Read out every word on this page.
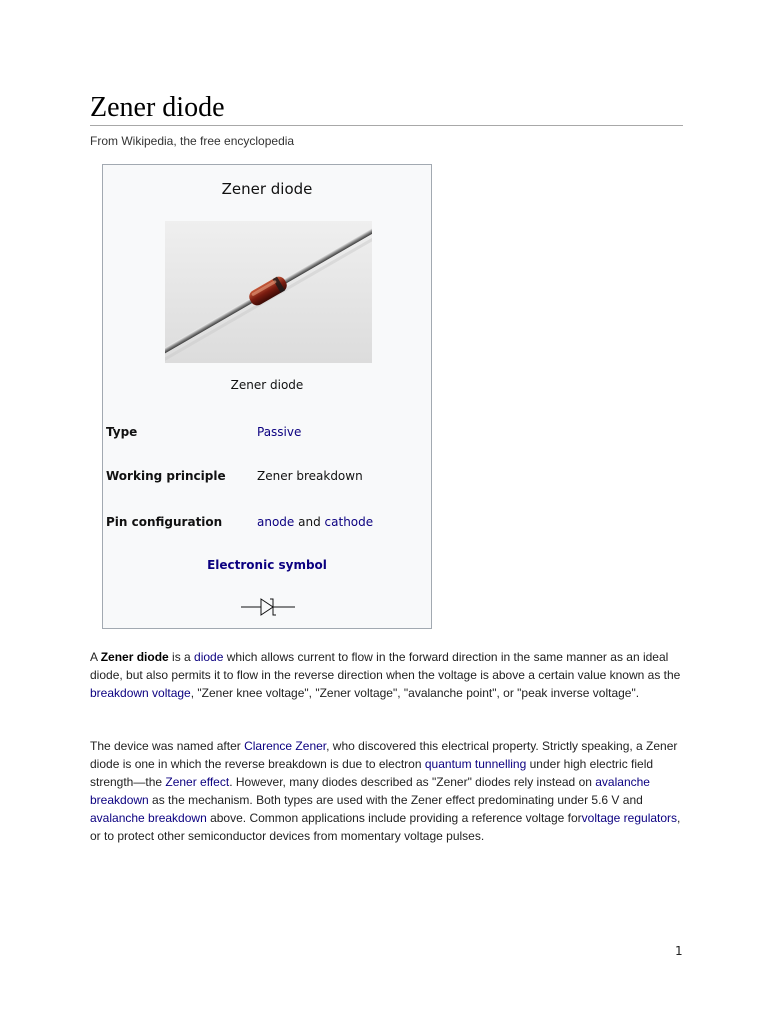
Zener diode
From Wikipedia, the free encyclopedia
Zener diode
Zener diode
Type	Passive
Working principle	Zener breakdown
Pin configuration	anode and cathode
Electronic symbol

A Zener diode is a diode which allows current to flow in the forward direction in the same manner as an ideal diode, but also permits it to flow in the reverse direction when the voltage is above a certain value known as the breakdown voltage, "Zener knee voltage", "Zener voltage", "avalanche point", or "peak inverse voltage".

The device was named after Clarence Zener, who discovered this electrical property. Strictly speaking, a Zener diode is one in which the reverse breakdown is due to electron quantum tunnelling under high electric field strength—the Zener effect. However, many diodes described as "Zener" diodes rely instead on avalanche breakdown as the mechanism. Both types are used with the Zener effect predominating under 5.6 V and avalanche breakdown above. Common applications include providing a reference voltage forvoltage regulators, or to protect other semiconductor devices from momentary voltage pulses.

1
